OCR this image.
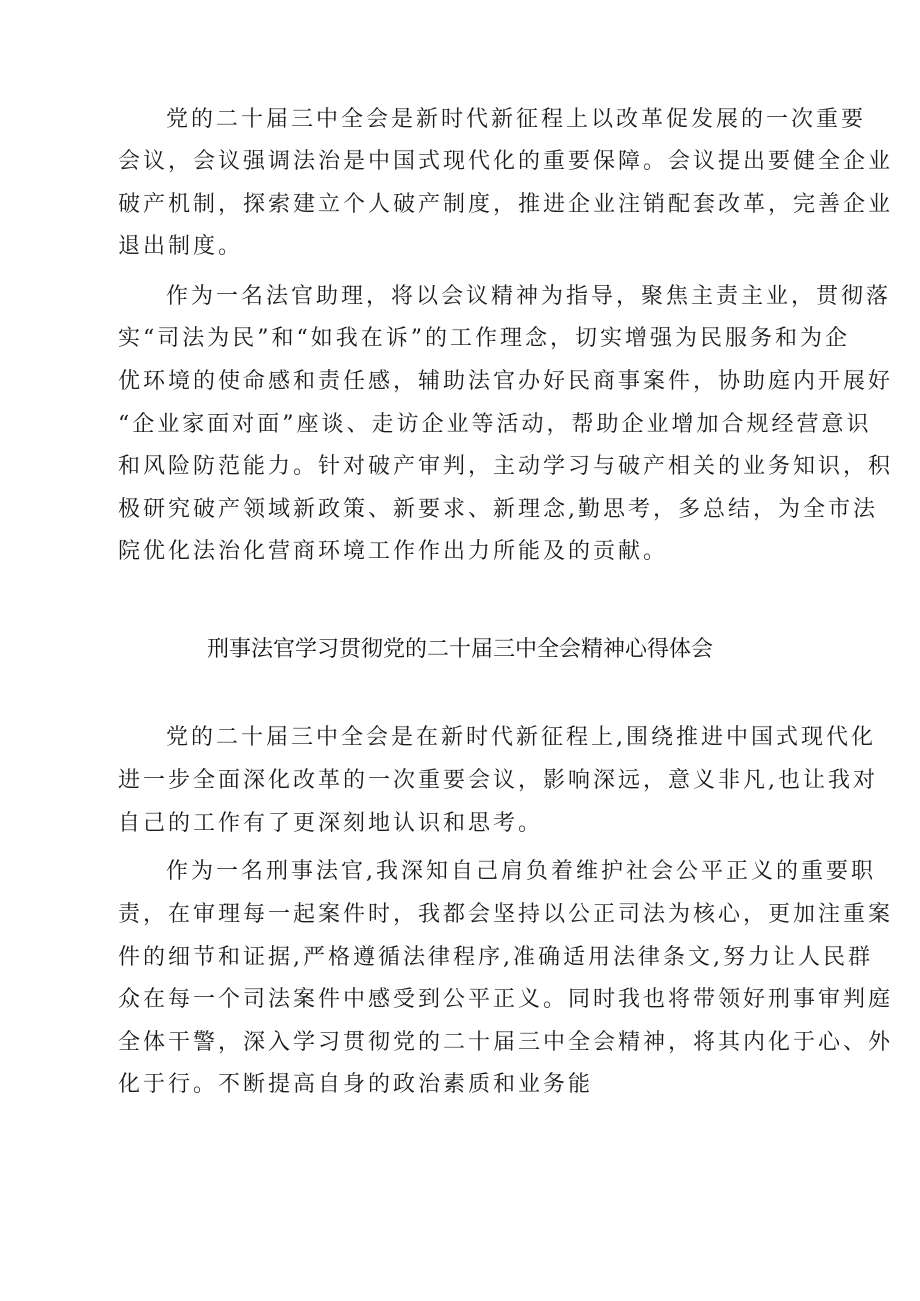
党的二十届三中全会是新时代新征程上以改革促发展的一次重要
会议，会议强调法治是中国式现代化的重要保障。会议提出要健全企业
破产机制，探索建立个人破产制度，推进企业注销配套改革，完善企业
退出制度。
作为一名法官助理，将以会议精神为指导，聚焦主责主业，贯彻落
实“司法为民”和“如我在诉”的工作理念，切实增强为民服务和为企
优环境的使命感和责任感，辅助法官办好民商事案件，协助庭内开展好
“企业家面对面”座谈、走访企业等活动，帮助企业增加合规经营意识
和风险防范能力。针对破产审判，主动学习与破产相关的业务知识，积
极研究破产领域新政策、新要求、新理念,勤思考，多总结，为全市法
院优化法治化营商环境工作作出力所能及的贡献。
刑事法官学习贯彻党的二十届三中全会精神心得体会
党的二十届三中全会是在新时代新征程上,围绕推进中国式现代化
进一步全面深化改革的一次重要会议，影响深远，意义非凡,也让我对
自己的工作有了更深刻地认识和思考。
作为一名刑事法官,我深知自己肩负着维护社会公平正义的重要职
责，在审理每一起案件时，我都会坚持以公正司法为核心，更加注重案
件的细节和证据,严格遵循法律程序,准确适用法律条文,努力让人民群
众在每一个司法案件中感受到公平正义。同时我也将带领好刑事审判庭
全体干警，深入学习贯彻党的二十届三中全会精神，将其内化于心、外
化于行。不断提高自身的政治素质和业务能
